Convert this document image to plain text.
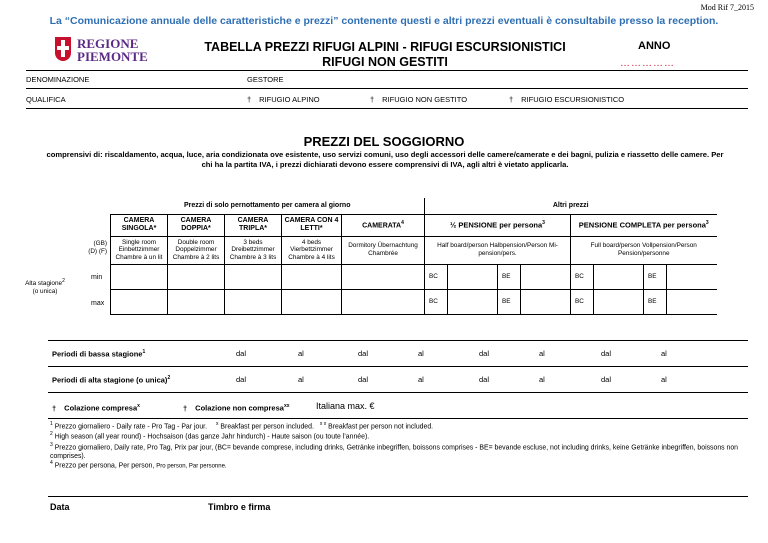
Mod Rif 7_2015
La “Comunicazione annuale delle caratteristiche e prezzi” contenente questi e altri prezzi eventuali è consultabile presso la reception.
REGIONE
PIEMONTE
TABELLA PREZZI RIFUGI ALPINI - RIFUGI ESCURSIONISTICI
RIFUGI NON GESTITI
ANNO
……………
DENOMINAZIONE	GESTORE
QUALIFICA	† RIFUGIO ALPINO	† RIFUGIO NON GESTITO	† RIFUGIO ESCURSIONISTICO
PREZZI DEL SOGGIORNO
comprensivi di: riscaldamento, acqua, luce, aria condizionata ove esistente, uso servizi comuni, uso degli accessori delle camere/camerate e dei bagni, pulizia e riassetto delle camere. Per chi ha la partita IVA, i prezzi dichiarati devono essere comprensivi di IVA, agli altri è vietato applicarla.
(GB) (D) (F)
Alta stagione$^2$ (o unica)
min
max
Prezzi di solo pernottamento per camera al giorno					Altri prezzi							
CAMERA SINGOLA*	CAMERA DOPPIA*	CAMERA TRIPLA*	CAMERA CON 4 LETTI*	CAMERATA$^4$	½ PENSIONE per persona$^3$				PENSIONE COMPLETA per persona$^3$
Single room Einbettzimmer Chambre à un lit	Double room Doppelzimmer Chambre à 2 lits	3 beds Dreibettzimmer Chambre à 3 lits	4 beds Vierbettzimmer Chambre à 4 lits	Dormitory Übernachtung Chambrée	Half board/person Halbpension/Person Mi-pension/pers.				Full board/person Vollpension/Person Pension/personne			
					BC		BE		BC		BE	
					BC		BE		BC		BE	
Periodi di bassa stagione$^1$	dal	al	dal	al	dal	al	dal	al
Periodi di alta stagione (o unica)$^2$	dal	al	dal	al	dal	al	dal	al
† Colazione compresa$^x$	† Colazione non compresa$^{xx}$	Italiana max. €
$^1$ Prezzo giornaliero - Daily rate - Pro Tag - Par jour. $^x$ Breakfast per person included. $^{x x}$ Breakfast per person not included.
$^2$ High season (all year round) - Hochsaison (das ganze Jahr hindurch) - Haute saison (ou toute l’année).
$^3$ Prezzo giornaliero, Daily rate, Pro Tag, Prix par jour, (BC= bevande comprese, including drinks, Getränke inbegriffen, boissons comprises - BE= bevande escluse, not including drinks, keine Getränke inbegriffen, boissons non comprises).
$^4$ Prezzo per persona, Per person, Pro person, Par personne.
Data	Timbro e firma
